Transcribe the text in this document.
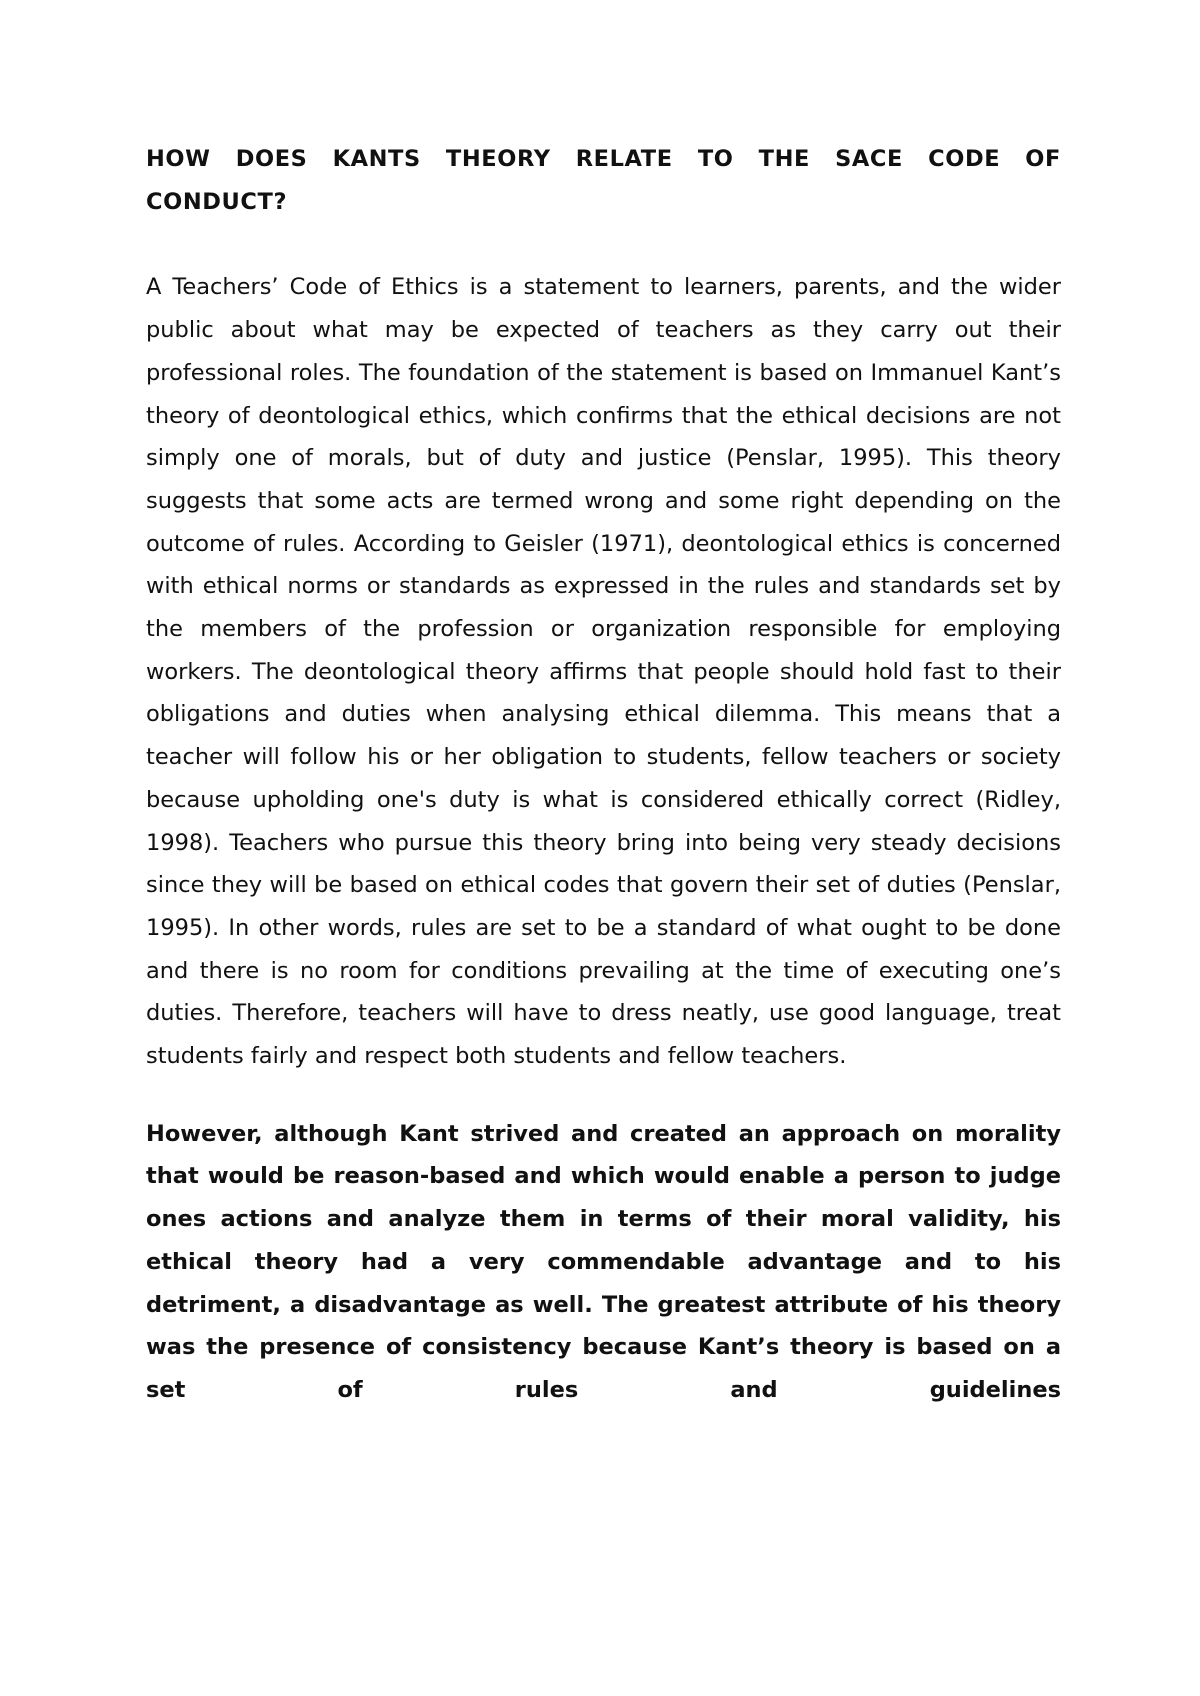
HOW DOES KANTS THEORY RELATE TO THE SACE CODE OF CONDUCT?

A Teachers’ Code of Ethics is a statement to learners, parents, and the wider public about what may be expected of teachers as they carry out their professional roles. The foundation of the statement is based on Immanuel Kant’s theory of deontological ethics, which confirms that the ethical decisions are not simply one of morals, but of duty and justice (Penslar, 1995). This theory suggests that some acts are termed wrong and some right depending on the outcome of rules. According to Geisler (1971), deontological ethics is concerned with ethical norms or standards as expressed in the rules and standards set by the members of the profession or organization responsible for employing workers. The deontological theory affirms that people should hold fast to their obligations and duties when analysing ethical dilemma. This means that a teacher will follow his or her obligation to students, fellow teachers or society because upholding one's duty is what is considered ethically correct (Ridley, 1998). Teachers who pursue this theory bring into being very steady decisions since they will be based on ethical codes that govern their set of duties (Penslar, 1995). In other words, rules are set to be a standard of what ought to be done and there is no room for conditions prevailing at the time of executing one’s duties. Therefore, teachers will have to dress neatly, use good language, treat students fairly and respect both students and fellow teachers.

However, although Kant strived and created an approach on morality that would be reason-based and which would enable a person to judge ones actions and analyze them in terms of their moral validity, his ethical theory had a very commendable advantage and to his detriment, a disadvantage as well. The greatest attribute of his theory was the presence of consistency because Kant’s theory is based on a set of rules and guidelines
